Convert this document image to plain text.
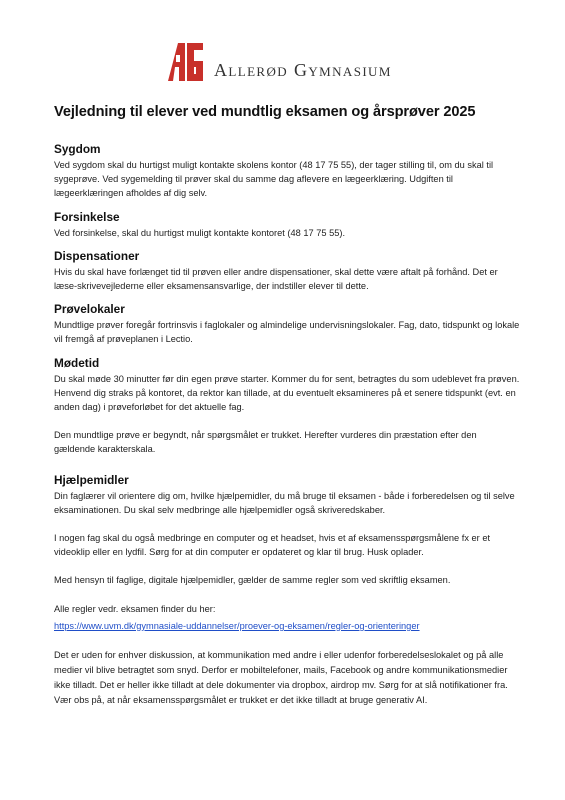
Allerød Gymnasium
Vejledning til elever ved mundtlig eksamen og årsprøver 2025
Sygdom

Ved sygdom skal du hurtigst muligt kontakte skolens kontor (48 17 75 55), der tager stilling til, om du skal til sygeprøve. Ved sygemelding til prøver skal du samme dag aflevere en lægeerklæring. Udgiften til lægeerklæringen afholdes af dig selv.

Forsinkelse

Ved forsinkelse, skal du hurtigst muligt kontakte kontoret (48 17 75 55).

Dispensationer

Hvis du skal have forlænget tid til prøven eller andre dispensationer, skal dette være aftalt på forhånd. Det er læse-skrivevejlederne eller eksamensansvarlige, der indstiller elever til dette.

Prøvelokaler

Mundtlige prøver foregår fortrinsvis i faglokaler og almindelige undervisningslokaler. Fag, dato, tidspunkt og lokale vil fremgå af prøveplanen i Lectio.

Mødetid

Du skal møde 30 minutter før din egen prøve starter. Kommer du for sent, betragtes du som udeblevet fra prøven. Henvend dig straks på kontoret, da rektor kan tillade, at du eventuelt eksamineres på et senere tidspunkt (evt. en anden dag) i prøveforløbet for det aktuelle fag.

Den mundtlige prøve er begyndt, når spørgsmålet er trukket. Herefter vurderes din præstation efter den gældende karakterskala.

Hjælpemidler

Din faglærer vil orientere dig om, hvilke hjælpemidler, du må bruge til eksamen - både i forberedelsen og til selve eksaminationen. Du skal selv medbringe alle hjælpemidler også skriveredskaber.

I nogen fag skal du også medbringe en computer og et headset, hvis et af eksamensspørgsmålene fx er et videoklip eller en lydfil. Sørg for at din computer er opdateret og klar til brug. Husk oplader.

Med hensyn til faglige, digitale hjælpemidler, gælder de samme regler som ved skriftlig eksamen.

Alle regler vedr. eksamen finder du her:

https://www.uvm.dk/gymnasiale-uddannelser/proever-og-eksamen/regler-og-orienteringer

Det er uden for enhver diskussion, at kommunikation med andre i eller udenfor forberedelseslokalet og på alle medier vil blive betragtet som snyd. Derfor er mobiltelefoner, mails, Facebook og andre kommunikationsmedier ikke tilladt. Det er heller ikke tilladt at dele dokumenter via dropbox, airdrop mv. Sørg for at slå notifikationer fra. Vær obs på, at når eksamensspørgsmålet er trukket er det ikke tilladt at bruge generativ AI.
